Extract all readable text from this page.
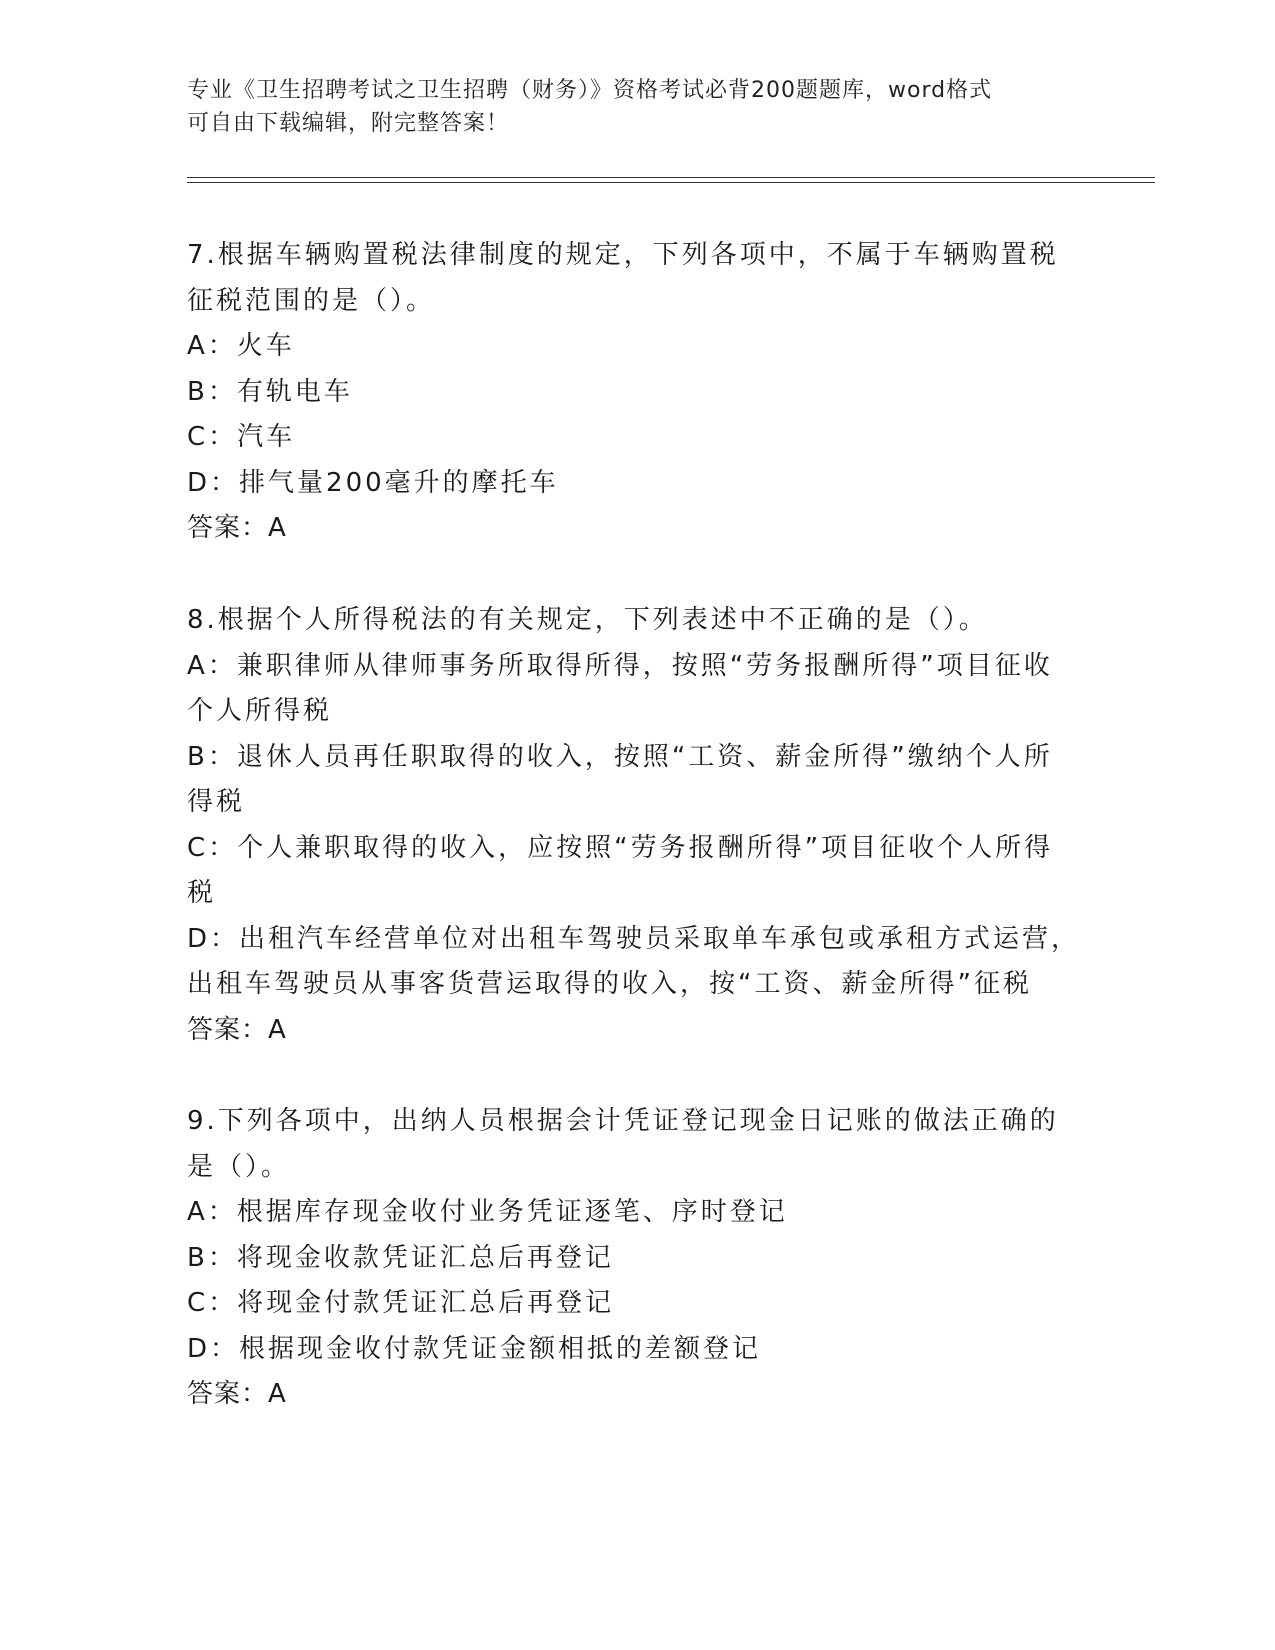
专业《卫生招聘考试之卫生招聘（财务）》资格考试必背200题题库，word格式
可自由下载编辑，附完整答案！
7.根据车辆购置税法律制度的规定，下列各项中，不属于车辆购置税
征税范围的是（）。
A：火车
B：有轨电车
C：汽车
D：排气量200毫升的摩托车
答案：A
8.根据个人所得税法的有关规定，下列表述中不正确的是（）。
A：兼职律师从律师事务所取得所得，按照“劳务报酬所得”项目征收
个人所得税
B：退休人员再任职取得的收入，按照“工资、薪金所得”缴纳个人所
得税
C：个人兼职取得的收入，应按照“劳务报酬所得”项目征收个人所得
税
D：出租汽车经营单位对出租车驾驶员采取单车承包或承租方式运营，
出租车驾驶员从事客货营运取得的收入，按“工资、薪金所得”征税
答案：A
9.下列各项中，出纳人员根据会计凭证登记现金日记账的做法正确的
是（）。
A：根据库存现金收付业务凭证逐笔、序时登记
B：将现金收款凭证汇总后再登记
C：将现金付款凭证汇总后再登记
D：根据现金收付款凭证金额相抵的差额登记
答案：A
